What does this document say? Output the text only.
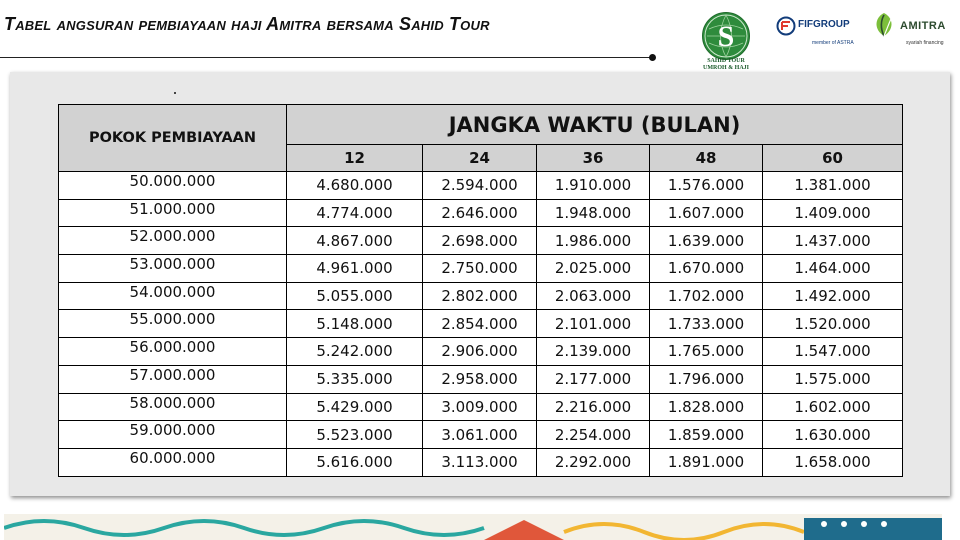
Tabel angsuran pembiayaan haji Amitra bersama Sahid Tour	S
SAHID TOUR
UMROH & HAJI
FIFGROUP
member of ASTRA
AMITRA
syariah financing
POKOK PEMBIAYAAN	JANGKA WAKTU (BULAN)				
	12	24	36	48	60
50.000.000	4.680.000	2.594.000	1.910.000	1.576.000	1.381.000
51.000.000	4.774.000	2.646.000	1.948.000	1.607.000	1.409.000
52.000.000	4.867.000	2.698.000	1.986.000	1.639.000	1.437.000
53.000.000	4.961.000	2.750.000	2.025.000	1.670.000	1.464.000
54.000.000	5.055.000	2.802.000	2.063.000	1.702.000	1.492.000
55.000.000	5.148.000	2.854.000	2.101.000	1.733.000	1.520.000
56.000.000	5.242.000	2.906.000	2.139.000	1.765.000	1.547.000
57.000.000	5.335.000	2.958.000	2.177.000	1.796.000	1.575.000
58.000.000	5.429.000	3.009.000	2.216.000	1.828.000	1.602.000
59.000.000	5.523.000	3.061.000	2.254.000	1.859.000	1.630.000
60.000.000	5.616.000	3.113.000	2.292.000	1.891.000	1.658.000
